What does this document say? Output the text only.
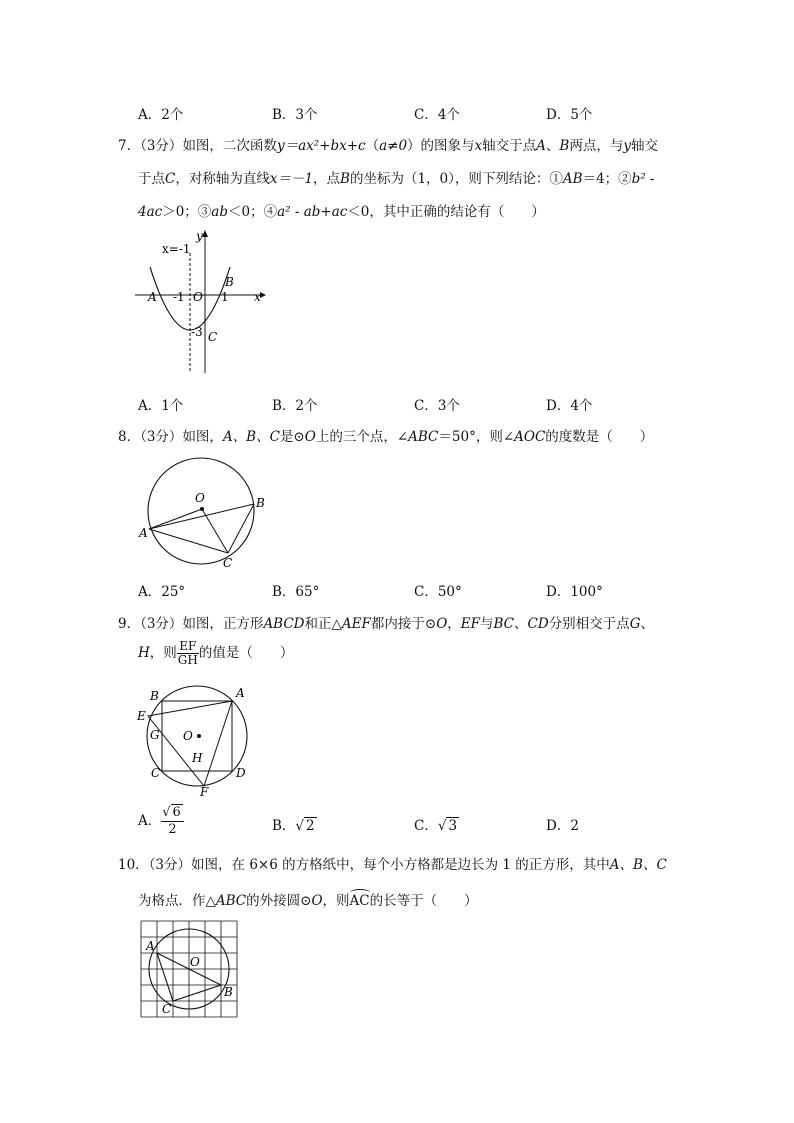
A．2个	B．3个	C．4个	D．5个
7．（3分）如图，二次函数y＝ax²+bx+c（a≠0）的图象与x轴交于点A、B两点，与y轴交
于点C，对称轴为直线x＝－1，点B的坐标为（1，0），则下列结论：①AB＝4；②b² -
4ac＞0；③ab＜0；④a² - ab+ac＜0，其中正确的结论有（　　）
x=-1
y
B
A -1 O 1 x
-3 C
A．1个	B．2个	C．3个	D．4个
8．（3分）如图，A、B、C是⊙O上的三个点，∠ABC＝50°，则∠AOC的度数是（　　）
O	B
A
C
A．25°	B．65°	C．50°	D．100°
9．（3分）如图，正方形ABCD和正△AEF都内接于⊙O，EF与BC、CD分别相交于点G、
H，则 $\frac{EF}{GH}$ 的值是（　　）
B	A
E
G O
H
C	D
F
A． $\frac{√ 6}{2}$	B．√ 2	C．√ 3	D．2
10．（3分）如图，在 6×6 的方格纸中，每个小方格都是边长为 1 的正方形，其中A、B、C
为格点．作△ABC的外接圆⊙O，则AC的长等于（　　）
A
O
B
C
